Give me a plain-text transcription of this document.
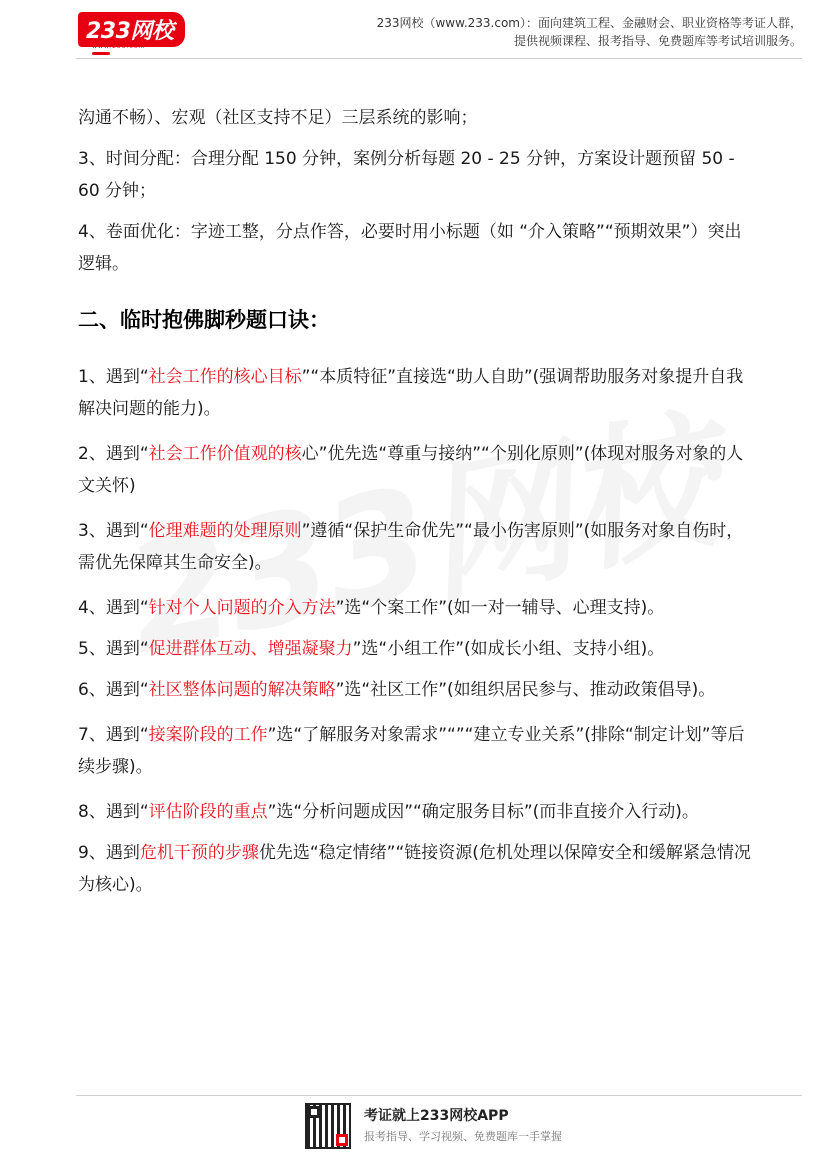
233网校
www.233.com
233网校（www.233.com）：面向建筑工程、金融财会、职业资格等考证人群，
提供视频课程、报考指导、免费题库等考试培训服务。

沟通不畅）、宏观（社区支持不足）三层系统的影响；

3、时间分配：合理分配 150 分钟，案例分析每题 20 - 25 分钟，方案设计题预留 50 - 60 分钟；

4、卷面优化：字迹工整，分点作答，必要时用小标题（如 “介入策略”“预期效果”）突出逻辑。

二、临时抱佛脚秒题口诀：

1、遇到“社会工作的核心目标”“本质特征”直接选“助人自助”(强调帮助服务对象提升自我解决问题的能力)。

2、遇到“社会工作价值观的核心”优先选“尊重与接纳”“个别化原则”(体现对服务对象的人文关怀)

3、遇到“伦理难题的处理原则”遵循“保护生命优先”“最小伤害原则”(如服务对象自伤时，需优先保障其生命安全)。

4、遇到“针对个人问题的介入方法”选“个案工作”(如一对一辅导、心理支持)。

5、遇到“促进群体互动、增强凝聚力”选“小组工作”(如成长小组、支持小组)。

6、遇到“社区整体问题的解决策略”选“社区工作”(如组织居民参与、推动政策倡导)。

7、遇到“接案阶段的工作”选“了解服务对象需求”“”“建立专业关系”(排除“制定计划”等后续步骤)。

8、遇到“评估阶段的重点”选“分析问题成因”“确定服务目标”(而非直接介入行动)。

9、遇到危机干预的步骤优先选“稳定情绪”“链接资源(危机处理以保障安全和缓解紧急情况为核心)。

考证就上233网校APP
报考指导、学习视频、免费题库一手掌握
